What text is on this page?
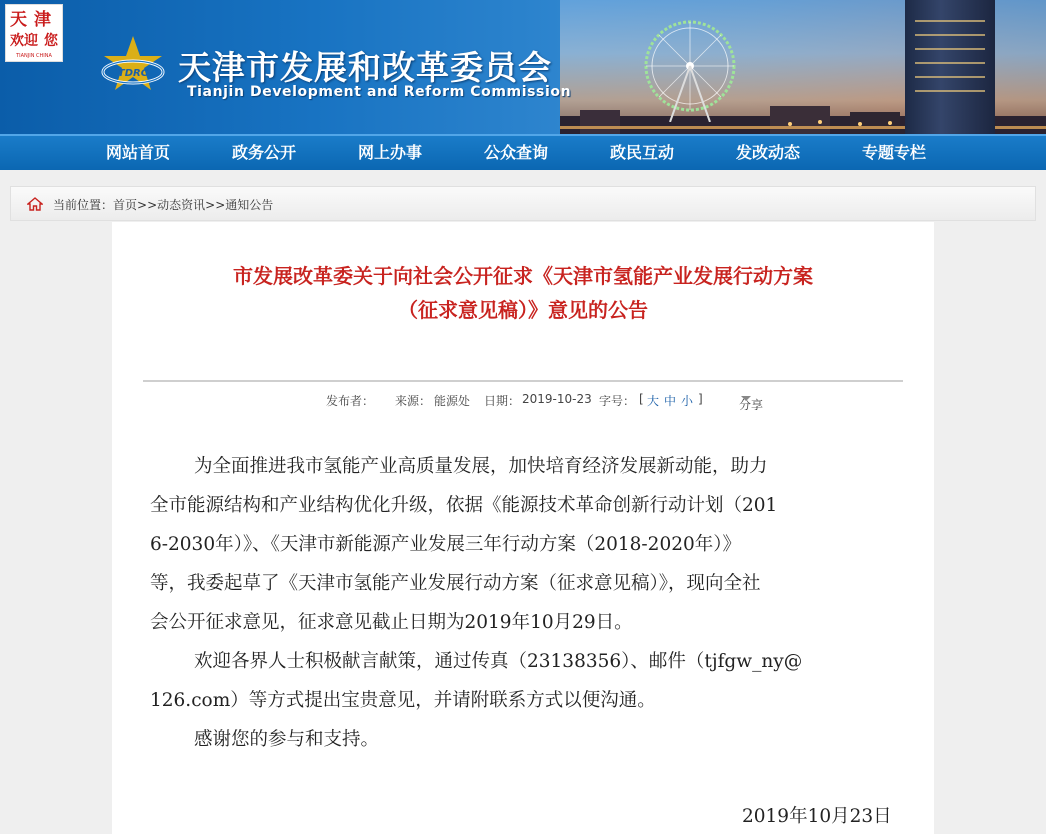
天 津
欢迎 您
TIANJIN CHINA
TDRC 天津市发展和改革委员会
Tianjin Development and Reform Commission
网站首页	政务公开	网上办事	公众查询	政民互动	发改动态	专题专栏
当前位置：首页>>动态资讯>>通知公告
市发展改革委关于向社会公开征求《天津市氢能产业发展行动方案
（征求意见稿）》意见的公告
发布者： 来源： 能源处 日期： 2019-10-23 字号： [ 大 中 小 ]	分享
为全面推进我市氢能产业高质量发展，加快培育经济发展新动能，助力
全市能源结构和产业结构优化升级，依据《能源技术革命创新行动计划（201
6-2030年）》、《天津市新能源产业发展三年行动方案（2018-2020年）》
等，我委起草了《天津市氢能产业发展行动方案（征求意见稿）》，现向全社
会公开征求意见，征求意见截止日期为2019年10月29日。
欢迎各界人士积极献言献策，通过传真（23138356）、邮件（tjfgw_ny@
126.com）等方式提出宝贵意见，并请附联系方式以便沟通。
感谢您的参与和支持。
2019年10月23日
